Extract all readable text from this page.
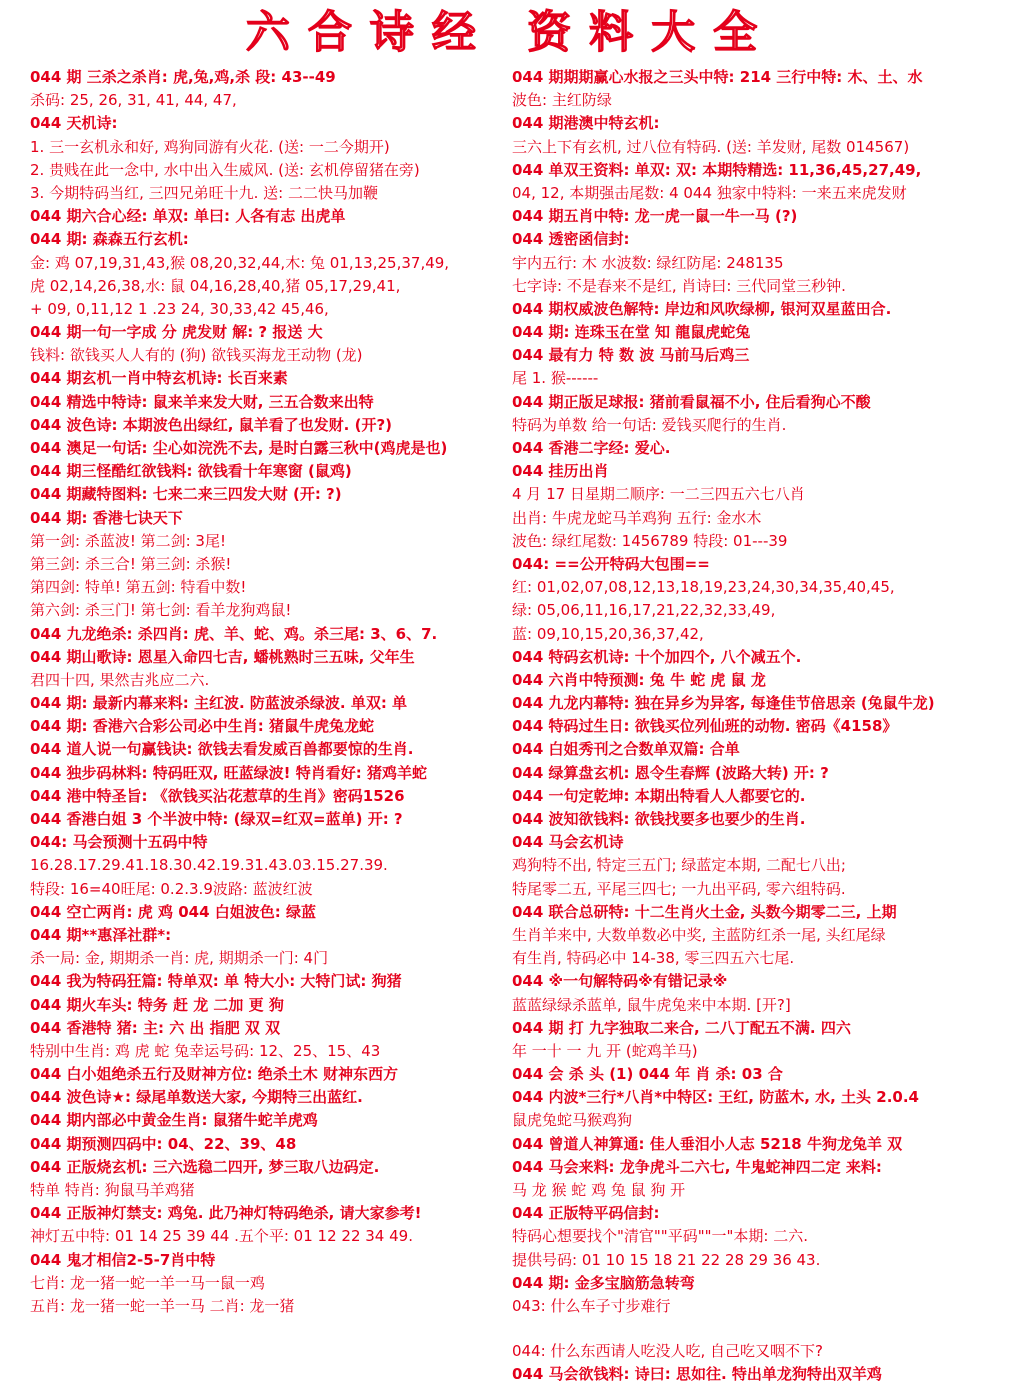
六合诗经 资料大全
044 期 三杀之杀肖: 虎,兔,鸡,杀 段: 43--49
杀码: 25, 26, 31, 41, 44, 47,
044 天机诗:
1. 三一玄机永和好, 鸡狗同游有火花. (送: 一二今期开)
2. 贵贱在此一念中, 水中出入生威风. (送: 玄机停留猪在旁)
3. 今期特码当红, 三四兄弟旺十九. 送: 二二快马加鞭
044 期六合心经: 单双: 单曰: 人各有志 出虎单
044 期: 森森五行玄机:
金: 鸡 07,19,31,43,猴 08,20,32,44,木: 兔 01,13,25,37,49,
虎 02,14,26,38,水: 鼠 04,16,28,40,猪 05,17,29,41,
+ 09, 0,11,12 1 .23 24, 30,33,42 45,46,
044 期一句一字成 分 虎发财 解: ? 报送 大
钱料: 欲钱买人人有的 (狗) 欲钱买海龙王动物 (龙)
044 期玄机一肖中特玄机诗: 长百来素
044 精选中特诗: 鼠来羊来发大财, 三五合数来出特
044 波色诗: 本期波色出绿红, 鼠羊看了也发财. (开?)
044 澳足一句话: 尘心如浣洗不去, 是时白露三秋中(鸡虎是也)
044 期三怪酷红欲钱料: 欲钱看十年寒窗 (鼠鸡)
044 期藏特图料: 七来二来三四发大财 (开: ?)
044 期: 香港七诀天下
第一剑: 杀蓝波! 第二剑: 3尾!
第三剑: 杀三合! 第三剑: 杀猴!
第四剑: 特单! 第五剑: 特看中数!
第六剑: 杀三门! 第七剑: 看羊龙狗鸡鼠!
044 九龙绝杀: 杀四肖: 虎、羊、蛇、鸡。杀三尾: 3、6、7.
044 期山歌诗: 恩星入命四七吉, 蟠桃熟时三五味, 父年生
君四十四, 果然吉兆应二六.
044 期: 最新内幕来料: 主红波. 防蓝波杀绿波. 单双: 单
044 期: 香港六合彩公司必中生肖: 猪鼠牛虎兔龙蛇
044 道人说一句赢钱诀: 欲钱去看发威百兽都要惊的生肖.
044 独步码林料: 特码旺双, 旺蓝绿波! 特肖看好: 猪鸡羊蛇
044 港中特圣旨: 《欲钱买沾花惹草的生肖》密码1526
044 香港白姐 3 个半波中特: (绿双=红双=蓝单) 开: ?
044: 马会预测十五码中特
16.28.17.29.41.18.30.42.19.31.43.03.15.27.39.
特段: 16=40旺尾: 0.2.3.9波路: 蓝波红波
044 空亡两肖: 虎 鸡 044 白姐波色: 绿蓝
044 期**惠泽社群*:
杀一局: 金, 期期杀一肖: 虎, 期期杀一门: 4门
044 我为特码狂篇: 特单双: 单 特大小: 大特门试: 狗猪
044 期火车头: 特务 赶 龙 二加 更 狗
044 香港特 猪: 主: 六 出 指肥 双 双
特别中生肖: 鸡 虎 蛇 兔幸运号码: 12、25、15、43
044 白小姐绝杀五行及财神方位: 绝杀土木 财神东西方
044 波色诗★: 绿尾单数送大家, 今期特三出蓝红.
044 期内部必中黄金生肖: 鼠猪牛蛇羊虎鸡
044 期预测四码中: 04、22、39、48
044 正版烧玄机: 三六选稳二四开, 梦三取八边码定.
特单 特肖: 狗鼠马羊鸡猪
044 正版神灯禁支: 鸡兔. 此乃神灯特码绝杀, 请大家参考!
神灯五中特: 01 14 25 39 44 .五个平: 01 12 22 34 49.
044 鬼才相信2-5-7肖中特
七肖: 龙一猪一蛇一羊一马一鼠一鸡
五肖: 龙一猪一蛇一羊一马 二肖: 龙一猪
044 期期期赢心水报之三头中特: 214 三行中特: 木、土、水
波色: 主红防绿
044 期港澳中特玄机:
三六上下有玄机, 过八位有特码. (送: 羊发财, 尾数 014567)
044 单双王资料: 单双: 双: 本期特精选: 11,36,45,27,49,
04, 12, 本期强击尾数: 4 044 独家中特料: 一来五来虎发财
044 期五肖中特: 龙一虎一鼠一牛一马 (?)
044 透密函信封:
宇内五行: 木 水波数: 绿红防尾: 248135
七字诗: 不是春来不是红, 肖诗曰: 三代同堂三秒钟.
044 期权威波色解特: 岸边和风吹绿柳, 银河双星蓝田合.
044 期: 连珠玉在堂 知 龍鼠虎蛇兔
044 最有力 特 数 波 马前马后鸡三
尾 1. 猴------
044 期正版足球报: 猪前看鼠福不小, 住后看狗心不酸
特码为单数 给一句话: 爱钱买爬行的生肖.
044 香港二字经: 爱心.
044 挂历出肖
4 月 17 日星期二顺序: 一二三四五六七八肖
出肖: 牛虎龙蛇马羊鸡狗 五行: 金水木
波色: 绿红尾数: 1456789 特段: 01---39
044: ==公开特码大包围==
红: 01,02,07,08,12,13,18,19,23,24,30,34,35,40,45,
绿: 05,06,11,16,17,21,22,32,33,49,
蓝: 09,10,15,20,36,37,42,
044 特码玄机诗: 十个加四个, 八个减五个.
044 六肖中特预测: 兔 牛 蛇 虎 鼠 龙
044 九龙内幕特: 独在异乡为异客, 每逢佳节倍思亲 (兔鼠牛龙)
044 特码过生日: 欲钱买位列仙班的动物. 密码《4158》
044 白姐秀刊之合数单双篇: 合单
044 绿算盘玄机: 恩令生春辉 (波路大转) 开: ?
044 一句定乾坤: 本期出特看人人都要它的.
044 波知欲钱料: 欲钱找要多也要少的生肖.
044 马会玄机诗
鸡狗特不出, 特定三五门; 绿蓝定本期, 二配七八出;
特尾零二五, 平尾三四七; 一九出平码, 零六组特码.
044 联合总研特: 十二生肖火土金, 头数今期零二三, 上期
生肖羊来中, 大数单数必中奖, 主蓝防红杀一尾, 头红尾绿
有生肖, 特码必中 14-38, 零三四五六七尾.
044 ※一句解特码※有错记录※
蓝蓝绿绿杀蓝单, 鼠牛虎兔来中本期. [开?]
044 期 打 九字独取二来合, 二八丁配五不满. 四六
年 一十 一 九 开 (蛇鸡羊马)
044 会 杀 头 (1) 044 年 肖 杀: 03 合
044 内波*三行*八肖*中特区: 王红, 防蓝木, 水, 土头 2.0.4
鼠虎兔蛇马猴鸡狗
044 曾道人神算通: 佳人垂泪小人志 5218 牛狗龙兔羊 双
044 马会来料: 龙争虎斗二六七, 牛鬼蛇神四二定 来料:
马 龙 猴 蛇 鸡 兔 鼠 狗 开
044 正版特平码信封:
特码心想要找个"清官""平码""一"本期: 二六.
提供号码: 01 10 15 18 21 22 28 29 36 43.
044 期: 金多宝脑筋急转弯
043: 什么车子寸步难行
044: 什么东西请人吃没人吃, 自己吃又咽不下?
044 马会欲钱料: 诗曰: 思如往. 特出单龙狗特出双羊鸡
